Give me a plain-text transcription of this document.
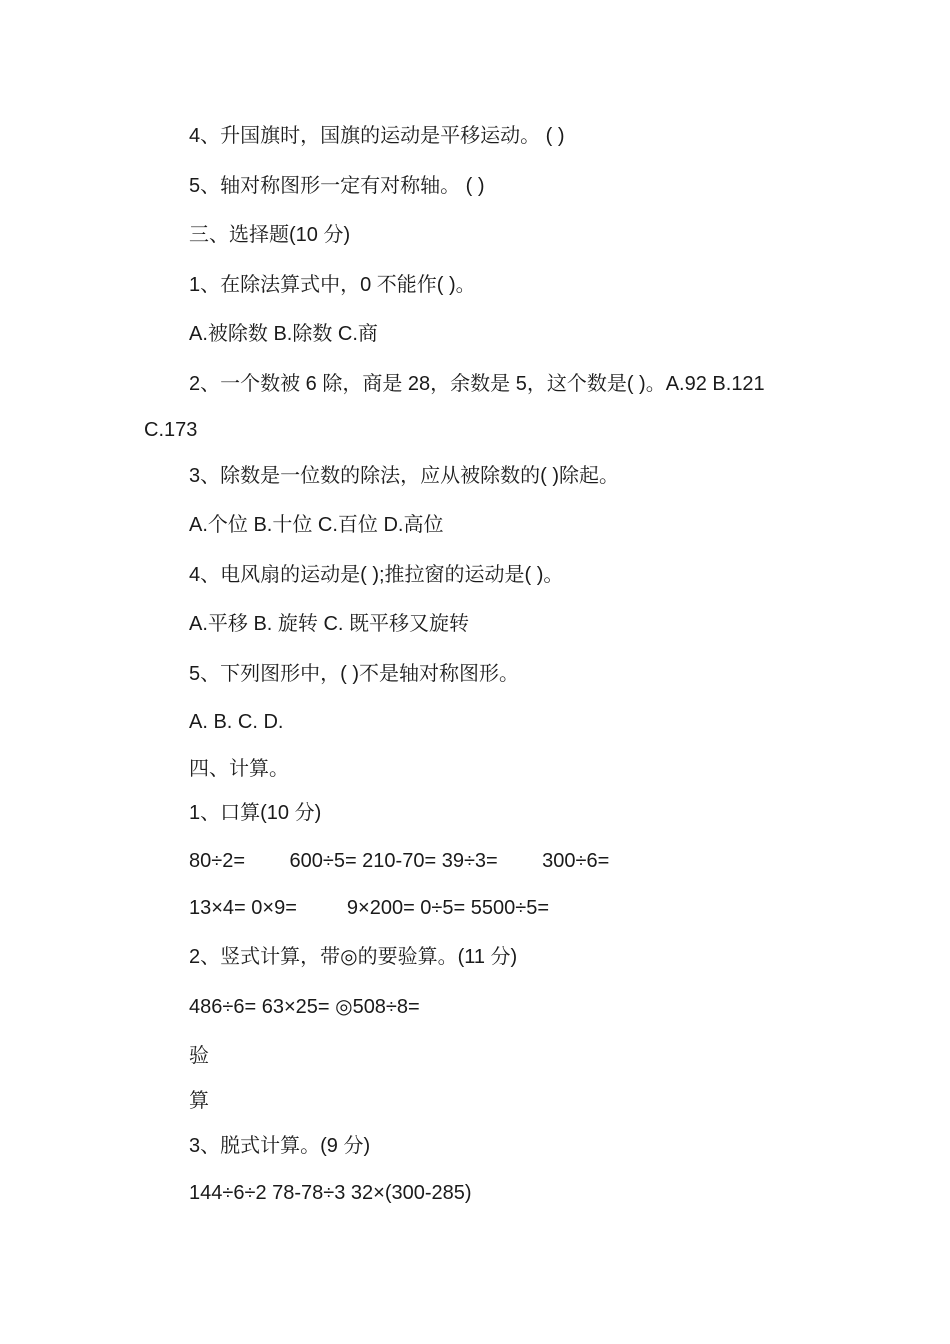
4、升国旗时，国旗的运动是平移运动。 ( )
5、轴对称图形一定有对称轴。 ( )
三、选择题(10 分)
1、在除法算式中，0 不能作( )。
A.被除数 B.除数 C.商
2、一个数被 6 除，商是 28，余数是 5，这个数是( )。A.92 B.121
C.173
3、除数是一位数的除法，应从被除数的( )除起。
A.个位 B.十位 C.百位 D.高位
4、电风扇的运动是( );推拉窗的运动是( )。
A.平移 B. 旋转 C. 既平移又旋转
5、下列图形中，( )不是轴对称图形。
A. B. C. D.
四、计算。
1、口算(10 分)
80÷2=        600÷5= 210-70= 39÷3=        300÷6=
13×4= 0×9=         9×200= 0÷5= 5500÷5=
2、竖式计算，带◎的要验算。(11 分)
486÷6= 63×25= ◎508÷8=
验
算
3、脱式计算。(9 分)
144÷6÷2 78-78÷3 32×(300-285)
